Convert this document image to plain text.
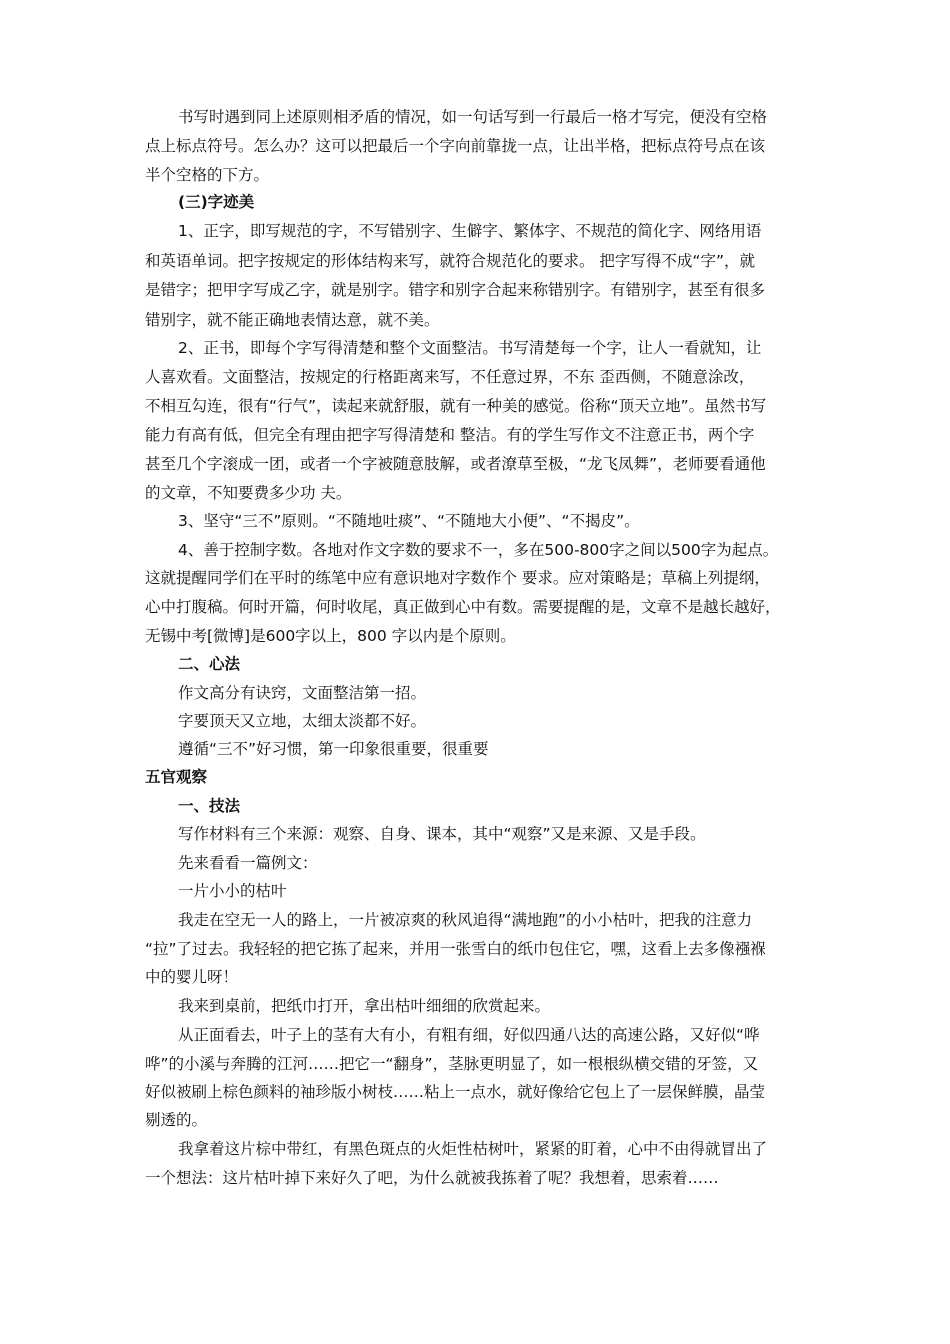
书写时遇到同上述原则相矛盾的情况，如一句话写到一行最后一格才写完，便没有空格
点上标点符号。怎么办？这可以把最后一个字向前靠拢一点，让出半格，把标点符号点在该
半个空格的下方。
(三)字迹美
1、正字，即写规范的字，不写错别字、生僻字、繁体字、不规范的简化字、网络用语
和英语单词。把字按规定的形体结构来写，就符合规范化的要求。 把字写得不成“字”，就
是错字；把甲字写成乙字，就是别字。错字和别字合起来称错别字。有错别字，甚至有很多
错别字，就不能正确地表情达意，就不美。
2、正书，即每个字写得清楚和整个文面整洁。书写清楚每一个字，让人一看就知，让
人喜欢看。文面整洁，按规定的行格距离来写，不任意过界，不东 歪西侧，不随意涂改，
不相互勾连，很有“行气”，读起来就舒服，就有一种美的感觉。俗称“顶天立地”。虽然书写
能力有高有低，但完全有理由把字写得清楚和 整洁。有的学生写作文不注意正书，两个字
甚至几个字滚成一团，或者一个字被随意肢解，或者潦草至极，“龙飞凤舞”，老师要看通他
的文章，不知要费多少功 夫。
3、坚守“三不”原则。“不随地吐痰”、“不随地大小便”、“不揭皮”。
4、善于控制字数。各地对作文字数的要求不一，多在500-800字之间以500字为起点。
这就提醒同学们在平时的练笔中应有意识地对字数作个 要求。应对策略是；草稿上列提纲，
心中打腹稿。何时开篇，何时收尾，真正做到心中有数。需要提醒的是，文章不是越长越好，
无锡中考[微博]是600字以上，800 字以内是个原则。
二、心法
作文高分有诀窍，文面整洁第一招。
字要顶天又立地，太细太淡都不好。
遵循“三不”好习惯，第一印象很重要，很重要
五官观察
一、技法
写作材料有三个来源：观察、自身、课本，其中“观察”又是来源、又是手段。
先来看看一篇例文：
一片小小的枯叶
我走在空无一人的路上，一片被凉爽的秋风追得“满地跑”的小小枯叶，把我的注意力
“拉”了过去。我轻轻的把它拣了起来，并用一张雪白的纸巾包住它，嘿，这看上去多像襁褓
中的婴儿呀！
我来到桌前，把纸巾打开，拿出枯叶细细的欣赏起来。
从正面看去，叶子上的茎有大有小，有粗有细，好似四通八达的高速公路，又好似“哗
哗”的小溪与奔腾的江河……把它一“翻身”，茎脉更明显了，如一根根纵横交错的牙签，又
好似被刷上棕色颜料的袖珍版小树枝……粘上一点水，就好像给它包上了一层保鲜膜，晶莹
剔透的。
我拿着这片棕中带红，有黑色斑点的火炬性枯树叶，紧紧的盯着，心中不由得就冒出了
一个想法：这片枯叶掉下来好久了吧，为什么就被我拣着了呢？我想着，思索着……
